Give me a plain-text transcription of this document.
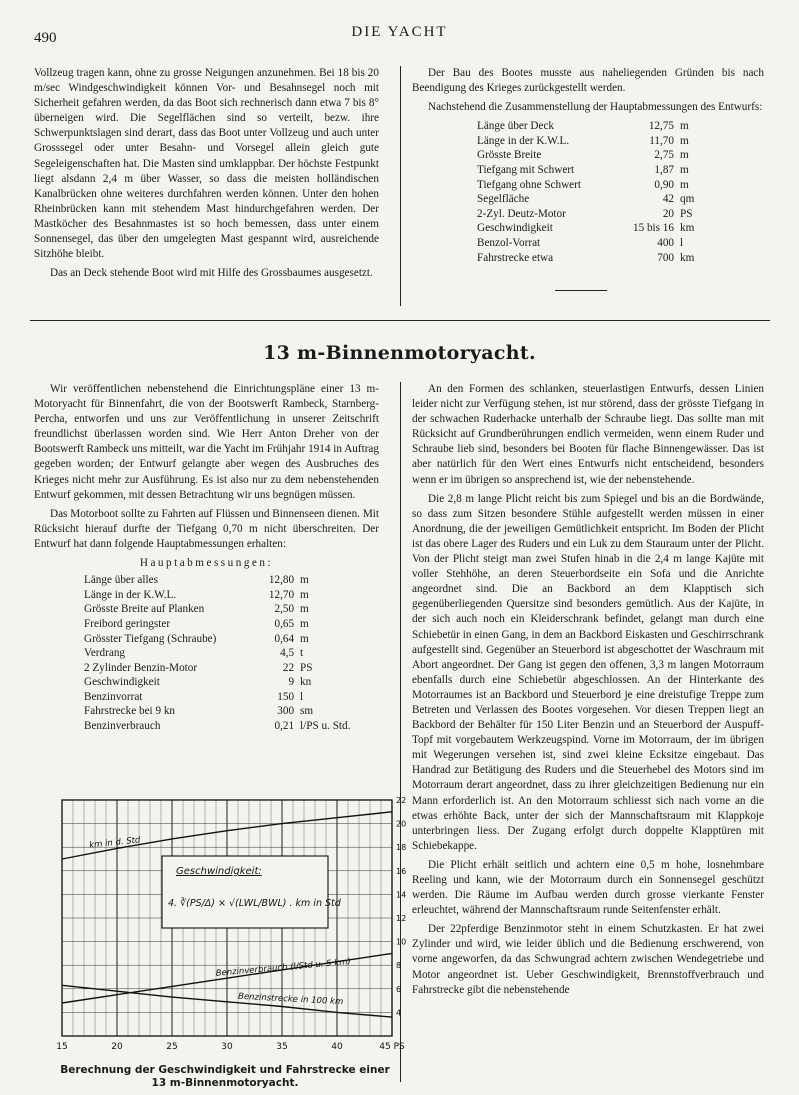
490	DIE YACHT

Vollzeug tragen kann, ohne zu grosse Neigungen anzunehmen. Bei 18 bis 20 m/sec Windgeschwindigkeit können Vor- und Besahnsegel noch mit Sicherheit gefahren werden, da das Boot sich rechnerisch dann etwa 7 bis 8° überneigen wird. Die Segelflächen sind so verteilt, bezw. ihre Schwerpunktslagen sind derart, dass das Boot unter Vollzeug und auch unter Grosssegel oder unter Besahn- und Vorsegel allein gleich gute Segeleigenschaften hat. Die Masten sind umklappbar. Der höchste Festpunkt liegt alsdann 2,4 m über Wasser, so dass die meisten holländischen Kanalbrücken ohne weiteres durchfahren werden können. Unter den hohen Rheinbrücken kann mit stehendem Mast hindurchgefahren werden. Der Mastköcher des Besahnmastes ist so hoch bemessen, dass unter einem Sonnensegel, das über den umgelegten Mast gespannt wird, ausreichende Sitzhöhe bleibt.

Das an Deck stehende Boot wird mit Hilfe des Grossbaumes ausgesetzt.

Der Bau des Bootes musste aus naheliegenden Gründen bis nach Beendigung des Krieges zurückgestellt werden.

Nachstehend die Zusammenstellung der Hauptabmessungen des Entwurfs:

Länge über Deck	12,75	m
Länge in der K.W.L.	11,70	m
Grösste Breite	2,75	m
Tiefgang mit Schwert	1,87	m
Tiefgang ohne Schwert	0,90	m
Segelfläche	42	qm
2-Zyl. Deutz-Motor	20	PS
Geschwindigkeit	15 bis 16	km
Benzol-Vorrat	400	l
Fahrstrecke etwa	700	km
13 m-Binnenmotoryacht.

Wir veröffentlichen nebenstehend die Einrichtungspläne einer 13 m-Motoryacht für Binnenfahrt, die von der Bootswerft Rambeck, Starnberg-Percha, entworfen und uns zur Veröffentlichung in unserer Zeitschrift freundlichst überlassen worden sind. Wie Herr Anton Dreher von der Bootswerft Rambeck uns mitteilt, war die Yacht im Frühjahr 1914 in Auftrag gegeben worden; der Entwurf gelangte aber wegen des Ausbruches des Krieges nicht mehr zur Ausführung. Es ist also nur zu dem nebenstehenden Entwurf gekommen, mit dessen Betrachtung wir uns begnügen müssen.

Das Motorboot sollte zu Fahrten auf Flüssen und Binnenseen dienen. Mit Rücksicht hierauf durfte der Tiefgang 0,70 m nicht überschreiten. Der Entwurf hat dann folgende Hauptabmessungen erhalten:

Hauptabmessungen:
Länge über alles	12,80	m
Länge in der K.W.L.	12,70	m
Grösste Breite auf Planken	2,50	m
Freibord geringster	0,65	m
Grösster Tiefgang (Schraube)	0,64	m
Verdrang	4,5	t
2 Zylinder Benzin-Motor	22	PS
Geschwindigkeit	9	kn
Benzinvorrat	150	l
Fahrstrecke bei 9 kn	300	sm
Benzinverbrauch	0,21	l/PS u. Std.

An den Formen des schlanken, steuerlastigen Entwurfs, dessen Linien leider nicht zur Verfügung stehen, ist nur störend, dass der grösste Tiefgang in der schwachen Ruderhacke unterhalb der Schraube liegt. Das sollte man mit Rücksicht auf Grundberührungen endlich vermeiden, wenn einem Ruder und Schraube lieb sind, besonders bei Booten für flache Binnengewässer. Das ist aber natürlich für den Wert eines Entwurfs nicht entscheidend, besonders wenn er im übrigen so ansprechend ist, wie der nebenstehende.

Die 2,8 m lange Plicht reicht bis zum Spiegel und bis an die Bordwände, so dass zum Sitzen besondere Stühle aufgestellt werden müssen in einer Anordnung, die der jeweiligen Gemütlichkeit entspricht. Im Boden der Plicht ist das obere Lager des Ruders und ein Luk zu dem Stauraum unter der Plicht. Von der Plicht steigt man zwei Stufen hinab in die 2,4 m lange Kajüte mit voller Stehhöhe, an deren Steuerbordseite ein Sofa und die Anrichte angeordnet sind. Die an Backbord an dem Klapptisch sich gegenüberliegenden Quersitze sind besonders gemütlich. Aus der Kajüte, in der sich auch noch ein Kleiderschrank befindet, gelangt man durch eine Schiebetür in einen Gang, in dem an Backbord Eiskasten und Geschirrschrank aufgestellt sind. Gegenüber an Steuerbord ist abgeschottet der Waschraum mit Abort angeordnet. Der Gang ist gegen den offenen, 3,3 m langen Motorraum ebenfalls durch eine Schiebetür abgeschlossen. An der Hinterkante des Motorraumes ist an Backbord und Steuerbord je eine dreistufige Treppe zum Betreten und Verlassen des Bootes vorgesehen. Vor diesen Treppen liegt an Backbord der Behälter für 150 Liter Benzin und an Steuerbord der Auspuff-Topf mit vorgebautem Werkzeugspind. Vorne im Motorraum, der im übrigen mit Wegerungen versehen ist, sind zwei kleine Ecksitze eingebaut. Das Handrad zur Betätigung des Ruders und die Steuerhebel des Motors sind im Motorraum derart angeordnet, dass zu ihrer gleichzeitigen Bedienung nur ein Mann erforderlich ist. An den Motorraum schliesst sich nach vorne an die etwas erhöhte Back, unter der sich der Mannschaftsraum mit Klappkoje unterbringen liess. Der Zugang erfolgt durch doppelte Klapptüren mit Schiebekappe.

Die Plicht erhält seitlich und achtern eine 0,5 m hohe, losnehmbare Reeling und kann, wie der Motorraum durch ein Sonnensegel geschützt werden. Die Räume im Aufbau werden durch grosse vierkante Fenster erleuchtet, während der Mannschaftsraum runde Seitenfenster erhält.

Der 22pferdige Benzinmotor steht in einem Schutzkasten. Er hat zwei Zylinder und wird, wie leider üblich und die Bedienung erschwerend, von vorne angeworfen, da das Schwungrad achtern zwischen Wendegetriebe und Motor angeordnet ist. Ueber Geschwindigkeit, Brennstoffverbrauch und Fahrstrecke gibt die nebenstehende

15	20	25	30	35	40	45 PS
4
6
8
10
12
14
16
18
20
22
km in d. Std
Benzinverbrauch (l/Std u. 5 km)
Benzinstrecke in 100 km
Geschwindigkeit:
4. ∛(PS/Δ) × √(LWL/BWL) . km in Std
Berechnung der Geschwindigkeit und Fahrstrecke einer 13 m-Binnenmotoryacht.
